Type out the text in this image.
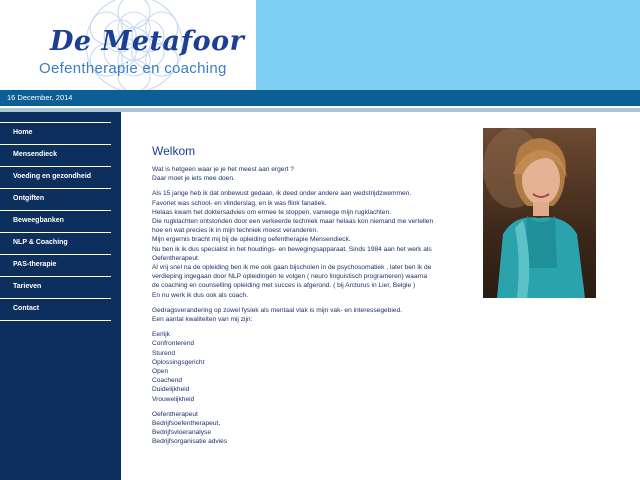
De Metafoor
Oefentherapie en coaching
16 December, 2014
Home
Mensendieck
Voeding en gezondheid
Ontgiften
Beweegbanken
NLP & Coaching
PAS-therapie
Tarieven
Contact
Welkom

Wat is hetgeen waar je je het meest aan ergert ?
Daar moet je iets mee doen.

Als 15 jarige heb ik dat onbewust gedaan, ik deed onder andere aan wedstrijdzwemmen.
Favoriet was school- en vlinderslag, en ik was flink fanatiek.
Helaas kwam het doktersadvies om ermee te stoppen, vanwege mijn rugklachten.
Die rugklachten ontstonden door een verkeerde techniek maar helaas kon niemand me vertellen hoe en wat precies ik in mijn techniek moest veranderen.
Mijn ergernis bracht mij bij de opleiding oefentherapie Mensendieck.
Nu ben ik ik dus specialist in het houdings- en bewegingsapparaat. Sinds 1984 aan het werk als Oefentherapeut.
Al vrij snel na de opleiding ben ik me ook gaan bijscholen in de psychosomatiek , later ben ik de verdieping ingegaan door NLP opleidingen te volgen ( neuro linguistisch programeren) waarna de coaching en counselling opleiding met succes is afgerond. ( bij Arcturus in Lier, Belgie )
En nu werk ik dus ook als coach.

Gedragsverandering op zowel fysiek als mentaal vlak is mijn vak- en interessegebied.
Een aantal kwaliteiten van mij zijn:

Eerlijk
Confronterend
Sturend
Oplossingsgericht
Open
Coachend
Duidelijkheid
Vrouwelijkheid

Oefentherapeut
Bedrijfsoefentherapeut,
Bedrijfsvloeranalyse
Bedrijfsorganisatie advies
